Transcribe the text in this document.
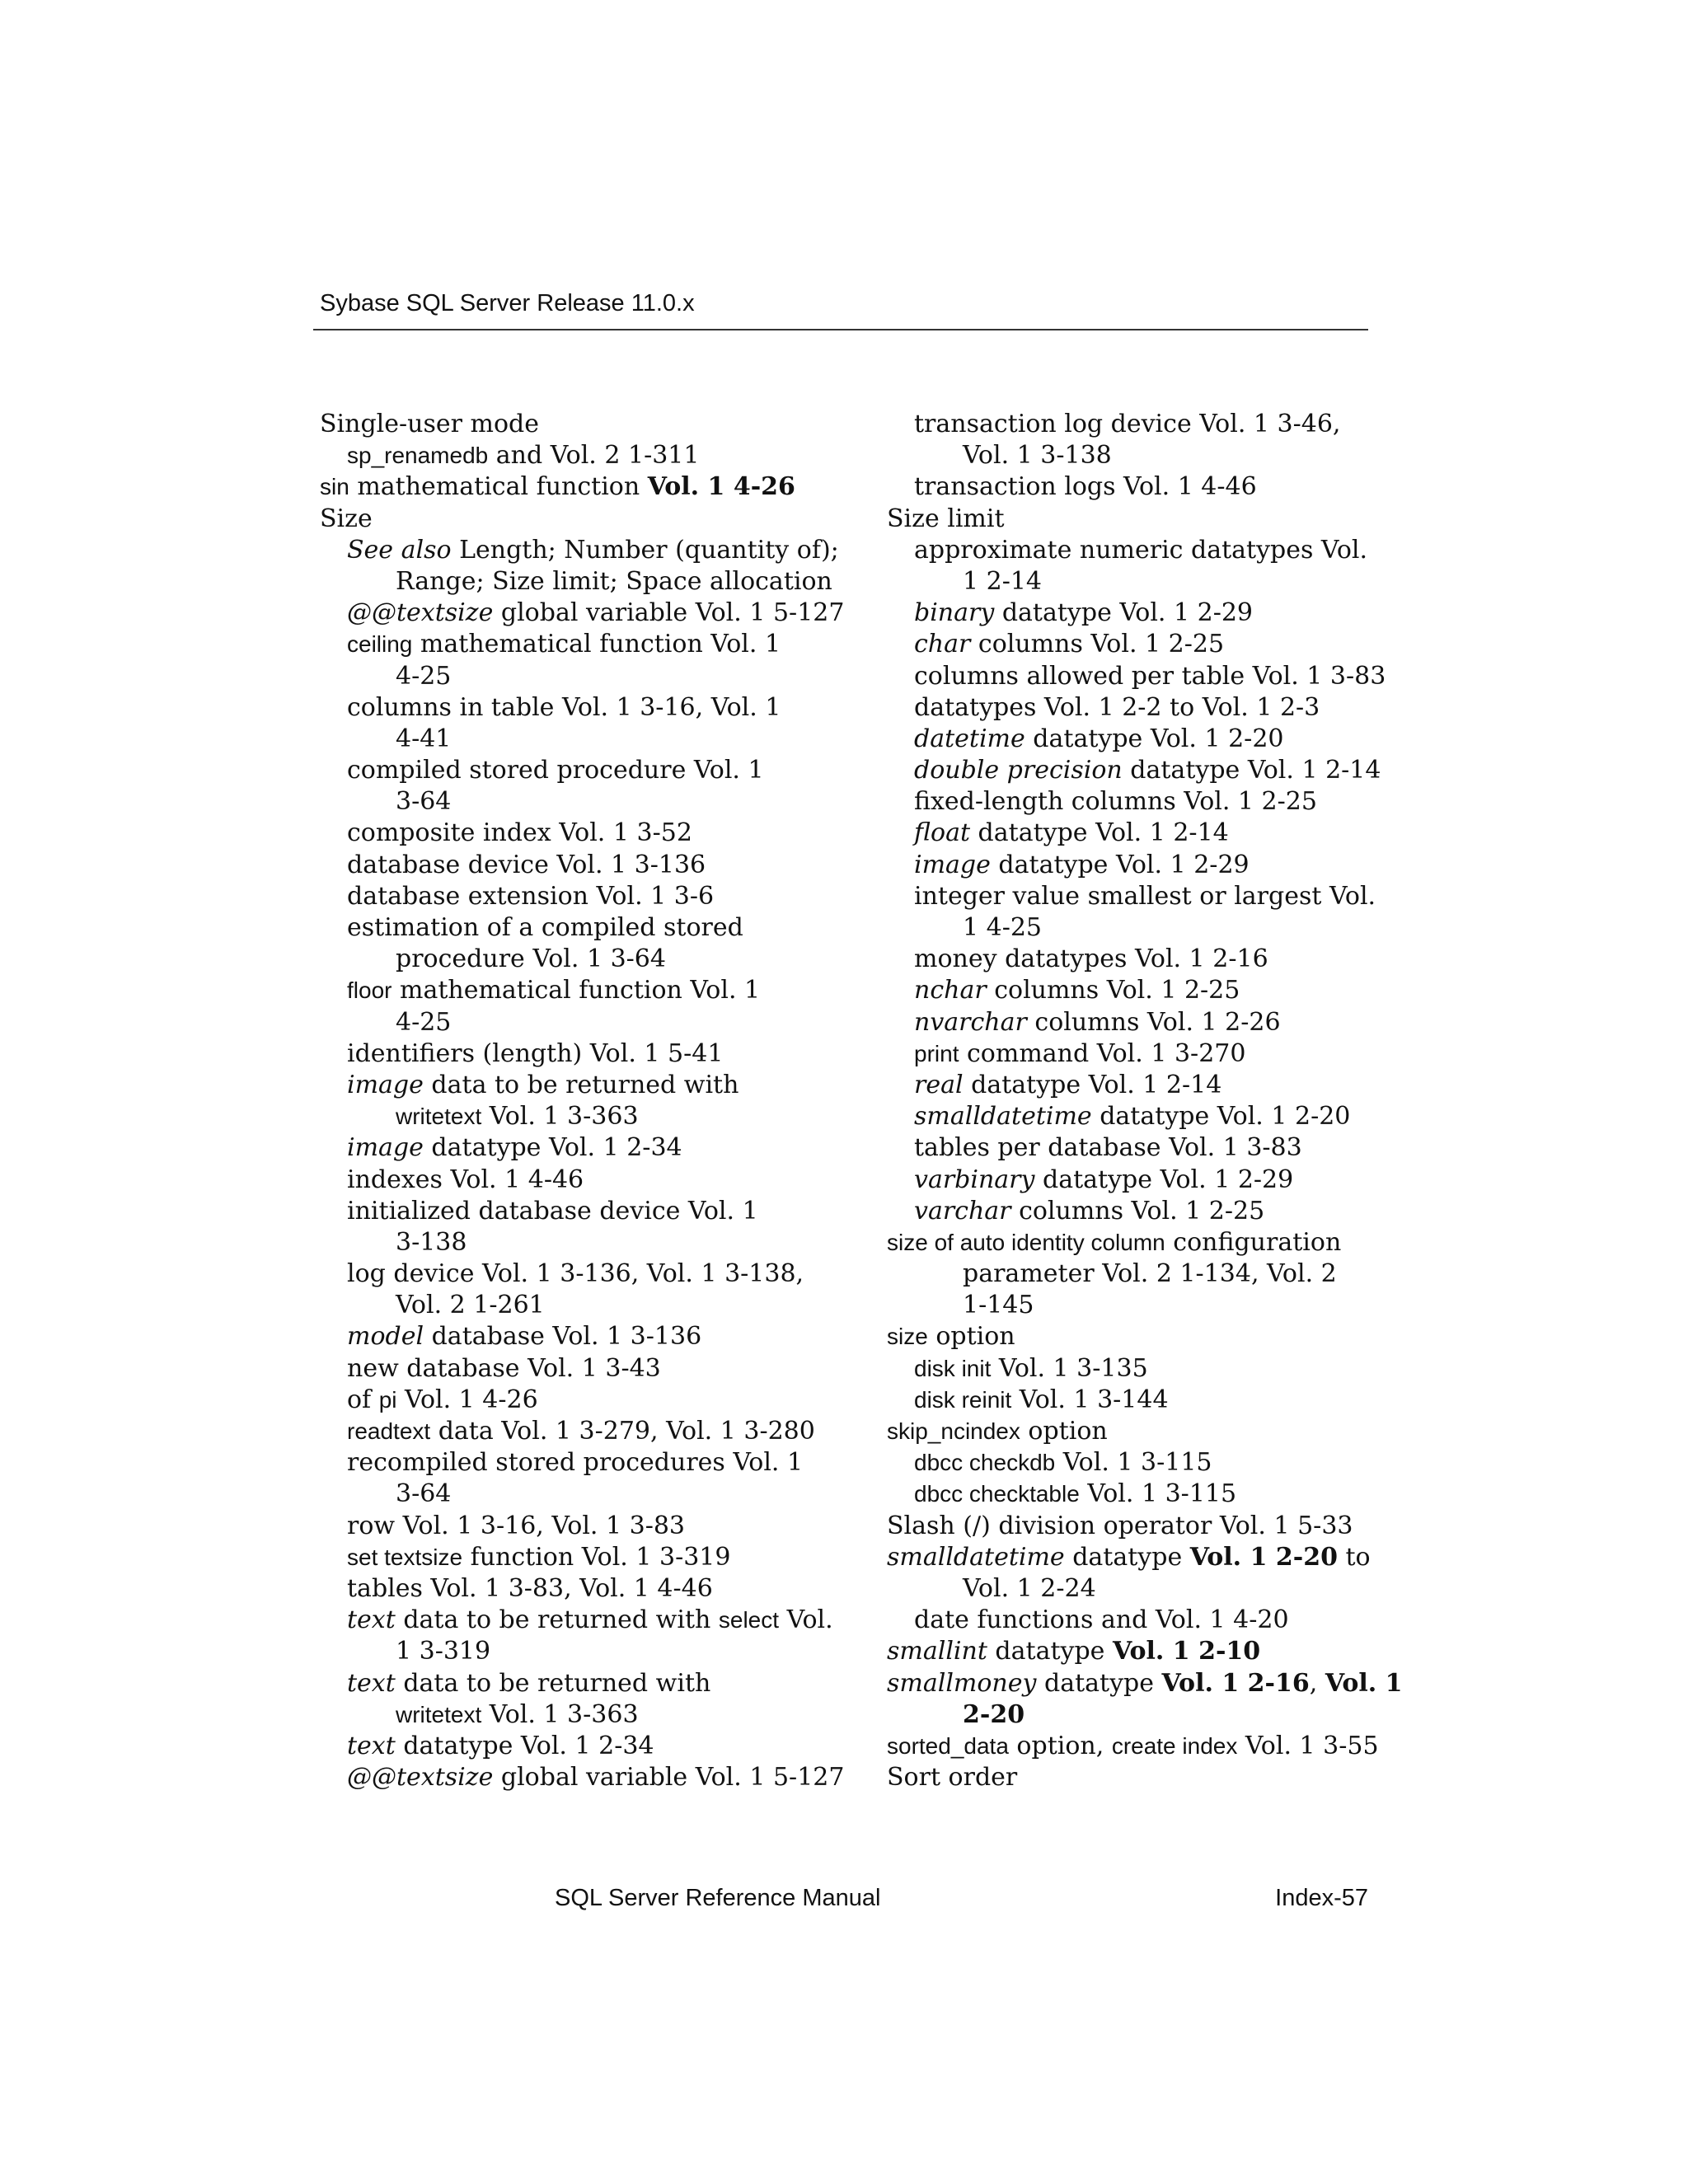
Sybase SQL Server Release 11.0.x
Single-user mode
sp_renamedb and Vol. 2 1-311
sin mathematical function Vol. 1 4-26
Size
See also Length; Number (quantity of);
Range; Size limit; Space allocation
@@textsize global variable Vol. 1 5-127
ceiling mathematical function Vol. 1
4-25
columns in table Vol. 1 3-16, Vol. 1
4-41
compiled stored procedure Vol. 1
3-64
composite index Vol. 1 3-52
database device Vol. 1 3-136
database extension Vol. 1 3-6
estimation of a compiled stored
procedure Vol. 1 3-64
floor mathematical function Vol. 1
4-25
identifiers (length) Vol. 1 5-41
image data to be returned with
writetext Vol. 1 3-363
image datatype Vol. 1 2-34
indexes Vol. 1 4-46
initialized database device Vol. 1
3-138
log device Vol. 1 3-136, Vol. 1 3-138,
Vol. 2 1-261
model database Vol. 1 3-136
new database Vol. 1 3-43
of pi Vol. 1 4-26
readtext data Vol. 1 3-279, Vol. 1 3-280
recompiled stored procedures Vol. 1
3-64
row Vol. 1 3-16, Vol. 1 3-83
set textsize function Vol. 1 3-319
tables Vol. 1 3-83, Vol. 1 4-46
text data to be returned with select Vol.
1 3-319
text data to be returned with
writetext Vol. 1 3-363
text datatype Vol. 1 2-34
@@textsize global variable Vol. 1 5-127
transaction log device Vol. 1 3-46,
Vol. 1 3-138
transaction logs Vol. 1 4-46
Size limit
approximate numeric datatypes Vol.
1 2-14
binary datatype Vol. 1 2-29
char columns Vol. 1 2-25
columns allowed per table Vol. 1 3-83
datatypes Vol. 1 2-2 to Vol. 1 2-3
datetime datatype Vol. 1 2-20
double precision datatype Vol. 1 2-14
fixed-length columns Vol. 1 2-25
float datatype Vol. 1 2-14
image datatype Vol. 1 2-29
integer value smallest or largest Vol.
1 4-25
money datatypes Vol. 1 2-16
nchar columns Vol. 1 2-25
nvarchar columns Vol. 1 2-26
print command Vol. 1 3-270
real datatype Vol. 1 2-14
smalldatetime datatype Vol. 1 2-20
tables per database Vol. 1 3-83
varbinary datatype Vol. 1 2-29
varchar columns Vol. 1 2-25
size of auto identity column configuration
parameter Vol. 2 1-134, Vol. 2
1-145
size option
disk init Vol. 1 3-135
disk reinit Vol. 1 3-144
skip_ncindex option
dbcc checkdb Vol. 1 3-115
dbcc checktable Vol. 1 3-115
Slash (/) division operator Vol. 1 5-33
smalldatetime datatype Vol. 1 2-20 to
Vol. 1 2-24
date functions and Vol. 1 4-20
smallint datatype Vol. 1 2-10
smallmoney datatype Vol. 1 2-16, Vol. 1
2-20
sorted_data option, create index Vol. 1 3-55
Sort order
SQL Server Reference Manual	Index-57
